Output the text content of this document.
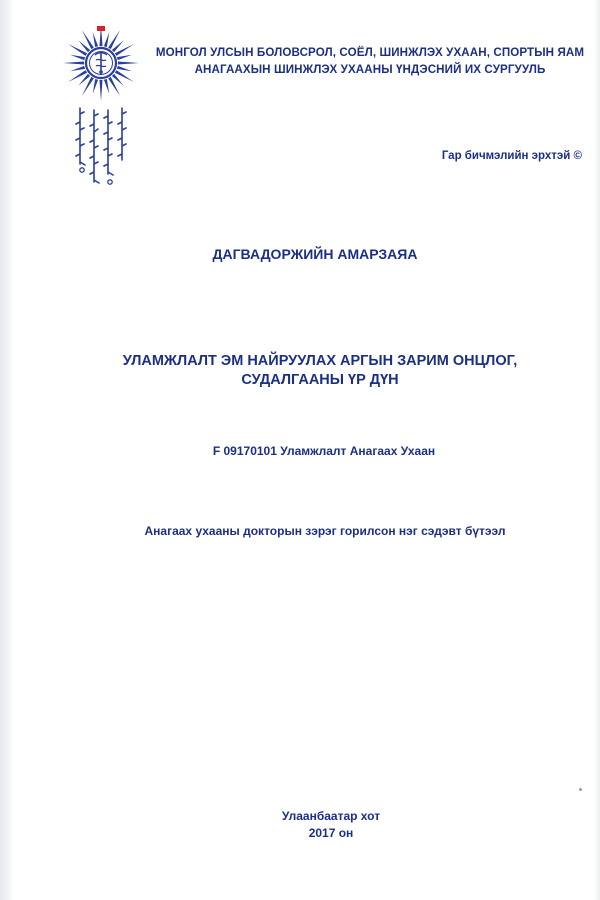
МОНГОЛ УЛСЫН БОЛОВСРОЛ, СОЁЛ, ШИНЖЛЭХ УХААН, СПОРТЫН ЯАМ
АНАГААХЫН ШИНЖЛЭХ УХААНЫ ҮНДЭСНИЙ ИХ СУРГУУЛЬ
Гар бичмэлийн эрхтэй ©
ДАГВАДОРЖИЙН АМАРЗАЯА
УЛАМЖЛАЛТ ЭМ НАЙРУУЛАХ АРГЫН ЗАРИМ ОНЦЛОГ,
СУДАЛГААНЫ ҮР ДҮН
F 09170101 Уламжлалт Анагаах Ухаан
Анагаах ухааны докторын зэрэг горилсон нэг сэдэвт бүтээл
Улаанбаатар хот
2017 он
